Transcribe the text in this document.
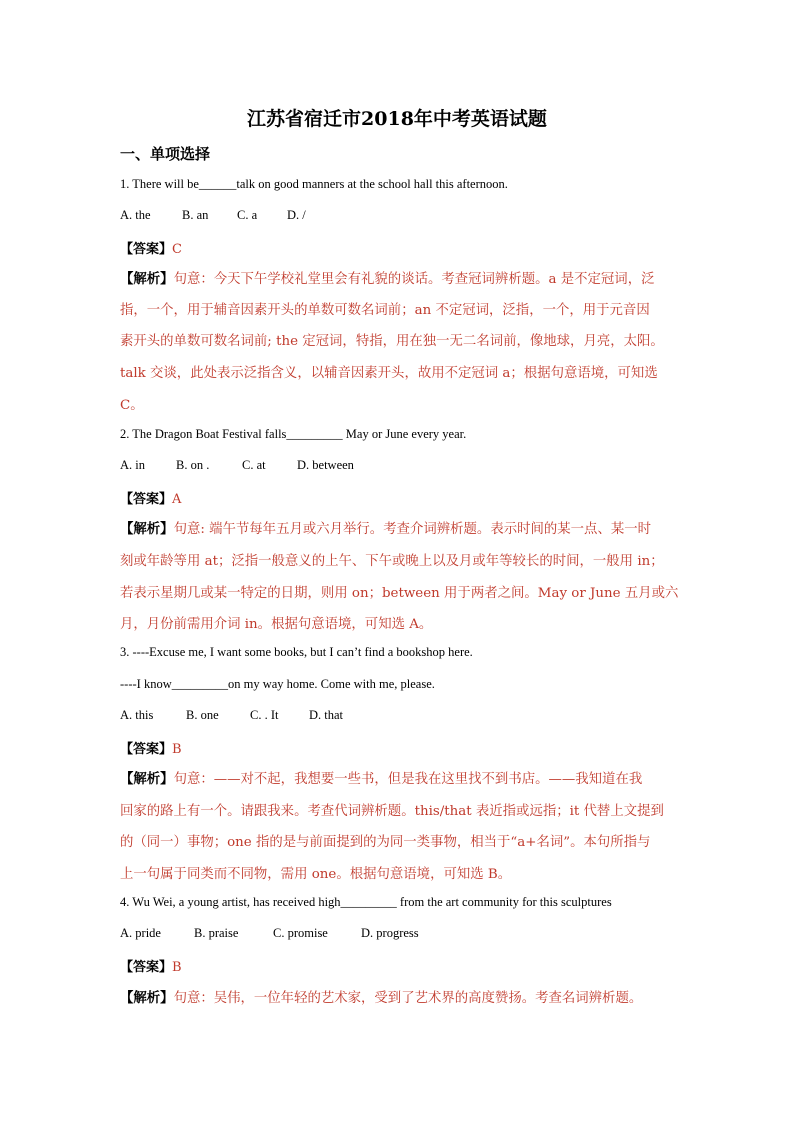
江苏省宿迁市2018年中考英语试题
一、单项选择
1. There will be______talk on good manners at the school hall this afternoon.
A. the	B. an C. a D. /
【答案】C
【解析】句意：今天下午学校礼堂里会有礼貌的谈话。考查冠词辨析题。a 是不定冠词，泛
指，一个，用于辅音因素开头的单数可数名词前；an 不定冠词，泛指，一个，用于元音因
素开头的单数可数名词前; the 定冠词，特指，用在独一无二名词前，像地球，月亮，太阳。
talk 交谈，此处表示泛指含义，以辅音因素开头，故用不定冠词 a；根据句意语境，可知选
C。
2. The Dragon Boat Festival falls_________ May or June every year.
A. in B. on .	C. at	D. between
【答案】A
【解析】句意: 端午节每年五月或六月举行。考查介词辨析题。表示时间的某一点、某一时
刻或年龄等用 at；泛指一般意义的上午、下午或晚上以及月或年等较长的时间，一般用 in；
若表示星期几或某一特定的日期，则用 on；between 用于两者之间。May or June 五月或六
月，月份前需用介词 in。根据句意语境，可知选 A。
3. ----Excuse me, I want some books, but I can’t find a bookshop here.
----I know_________on my way home. Come with me, please.
A. this	B. one	C. . It D. that
【答案】B
【解析】句意：——对不起，我想要一些书，但是我在这里找不到书店。——我知道在我
回家的路上有一个。请跟我来。考查代词辨析题。this/that 表近指或远指；it 代替上文提到
的（同一）事物；one 指的是与前面提到的为同一类事物，相当于“a+名词”。本句所指与
上一句属于同类而不同物，需用 one。根据句意语境，可知选 B。
4. Wu Wei, a young artist, has received high_________ from the art community for this sculptures
A. pride	B. praise	C. promise	D. progress
【答案】B
【解析】句意：吴伟，一位年轻的艺术家，受到了艺术界的高度赞扬。考查名词辨析题。
